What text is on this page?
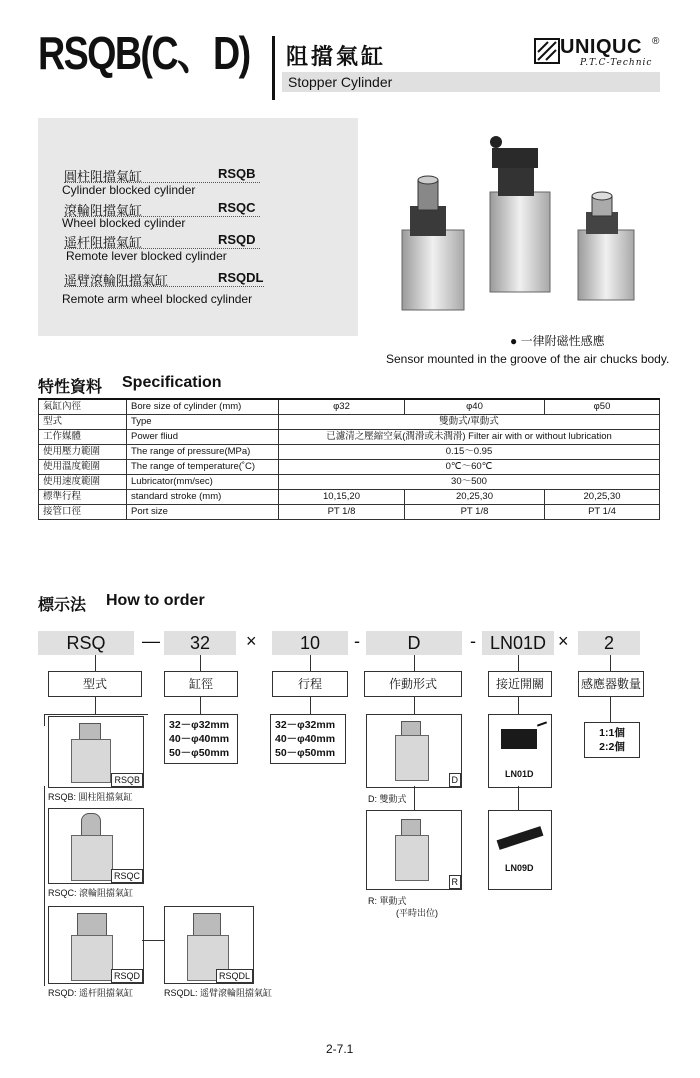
RSQB(C、D) 阻擋氣缸
Stopper Cylinder
UNIQUC ®
P.T.C-Technic
圓柱阻擋氣缸	RSQB
Cylinder blocked cylinder
滾輪阻擋氣缸	RSQC
Wheel blocked cylinder
遥杆阻擋氣缸	RSQD
Remote lever blocked cylinder
遥臂滾輪阻擋氣缸	RSQDL
Remote arm wheel blocked cylinder
● 一律附磁性感應
Sensor mounted in the groove of the air chucks body.
特性資料 Specification
氣缸內徑	Bore size of cylinder (mm)	φ32	φ40	φ50
型式	Type	雙動式/單動式		
工作媒體	Power fliud	已濾清之壓縮空氣(潤滑或未潤滑) Filter air with or without lubrication		
使用壓力範圍	The range of pressure(MPa)	0.15～0.95		
使用溫度範圍	The range of temperature(˚C)	0℃～60℃		
使用速度範圍	Lubricator(mm/sec)	30～500		
標準行程	standard stroke (mm)	10,15,20	20,25,30	20,25,30
接管口徑	Port size	PT 1/8	PT 1/8	PT 1/4
標示法 How to order
RSQ	—	32	×	10	-	D	- LN01D ×	2
型式	缸徑	行程	作動形式	接近開關	感應器數量
32－φ32mm
40－φ40mm
50－φ50mm
32－φ32mm
40－φ40mm
50－φ50mm
1:1個
2:2個
RSQB
RSQB: 圓柱阻擋氣缸
RSQC
RSQC: 滾輪阻擋氣缸
RSQD
RSQD: 遥杆阻擋氣缸
RSQDL
RSQDL: 遥臂滾輪阻擋氣缸
D
D: 雙動式
R
R: 單動式
(平時出位)
LN01D
LN09D
2-7.1
